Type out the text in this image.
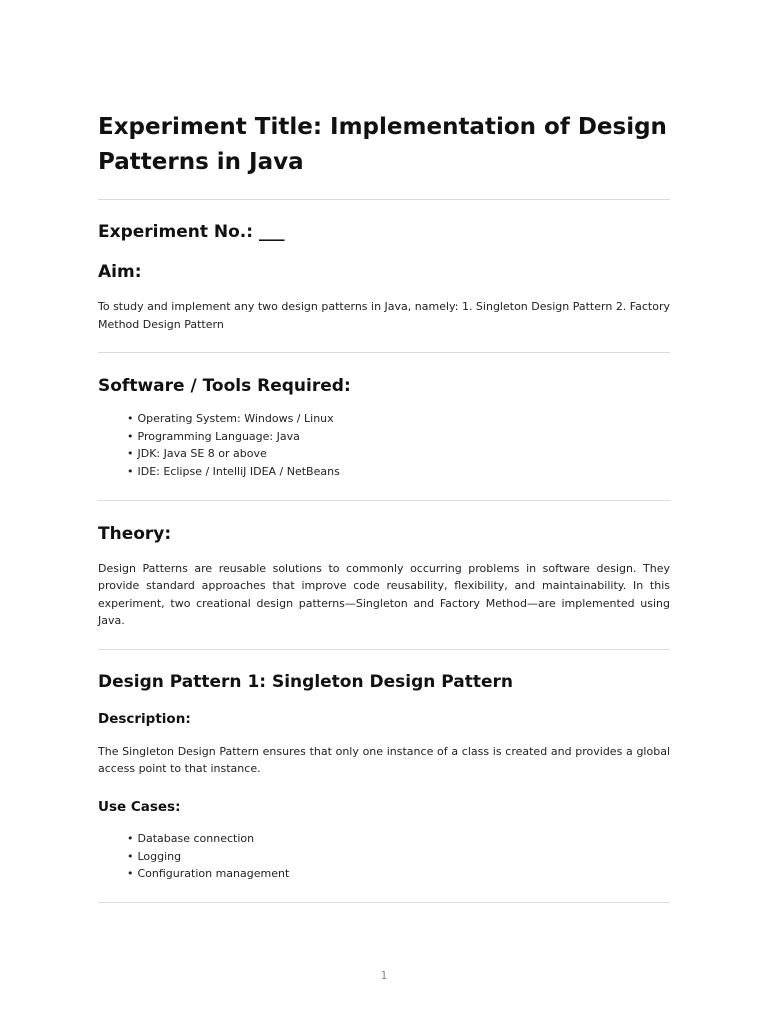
Experiment Title: Implementation of Design Patterns in Java
Experiment No.: ___
Aim:

To study and implement any two design patterns in Java, namely: 1. Singleton Design Pattern 2. Factory Method Design Pattern

Software / Tools Required:
• Operating System: Windows / Linux
• Programming Language: Java
• JDK: Java SE 8 or above
• IDE: Eclipse / IntelliJ IDEA / NetBeans
Theory:

Design Patterns are reusable solutions to commonly occurring problems in software design. They provide standard approaches that improve code reusability, flexibility, and maintainability. In this experiment, two creational design patterns—Singleton and Factory Method—are implemented using Java.

Design Pattern 1: Singleton Design Pattern
Description:

The Singleton Design Pattern ensures that only one instance of a class is created and provides a global access point to that instance.

Use Cases:
• Database connection
• Logging
• Configuration management
1
